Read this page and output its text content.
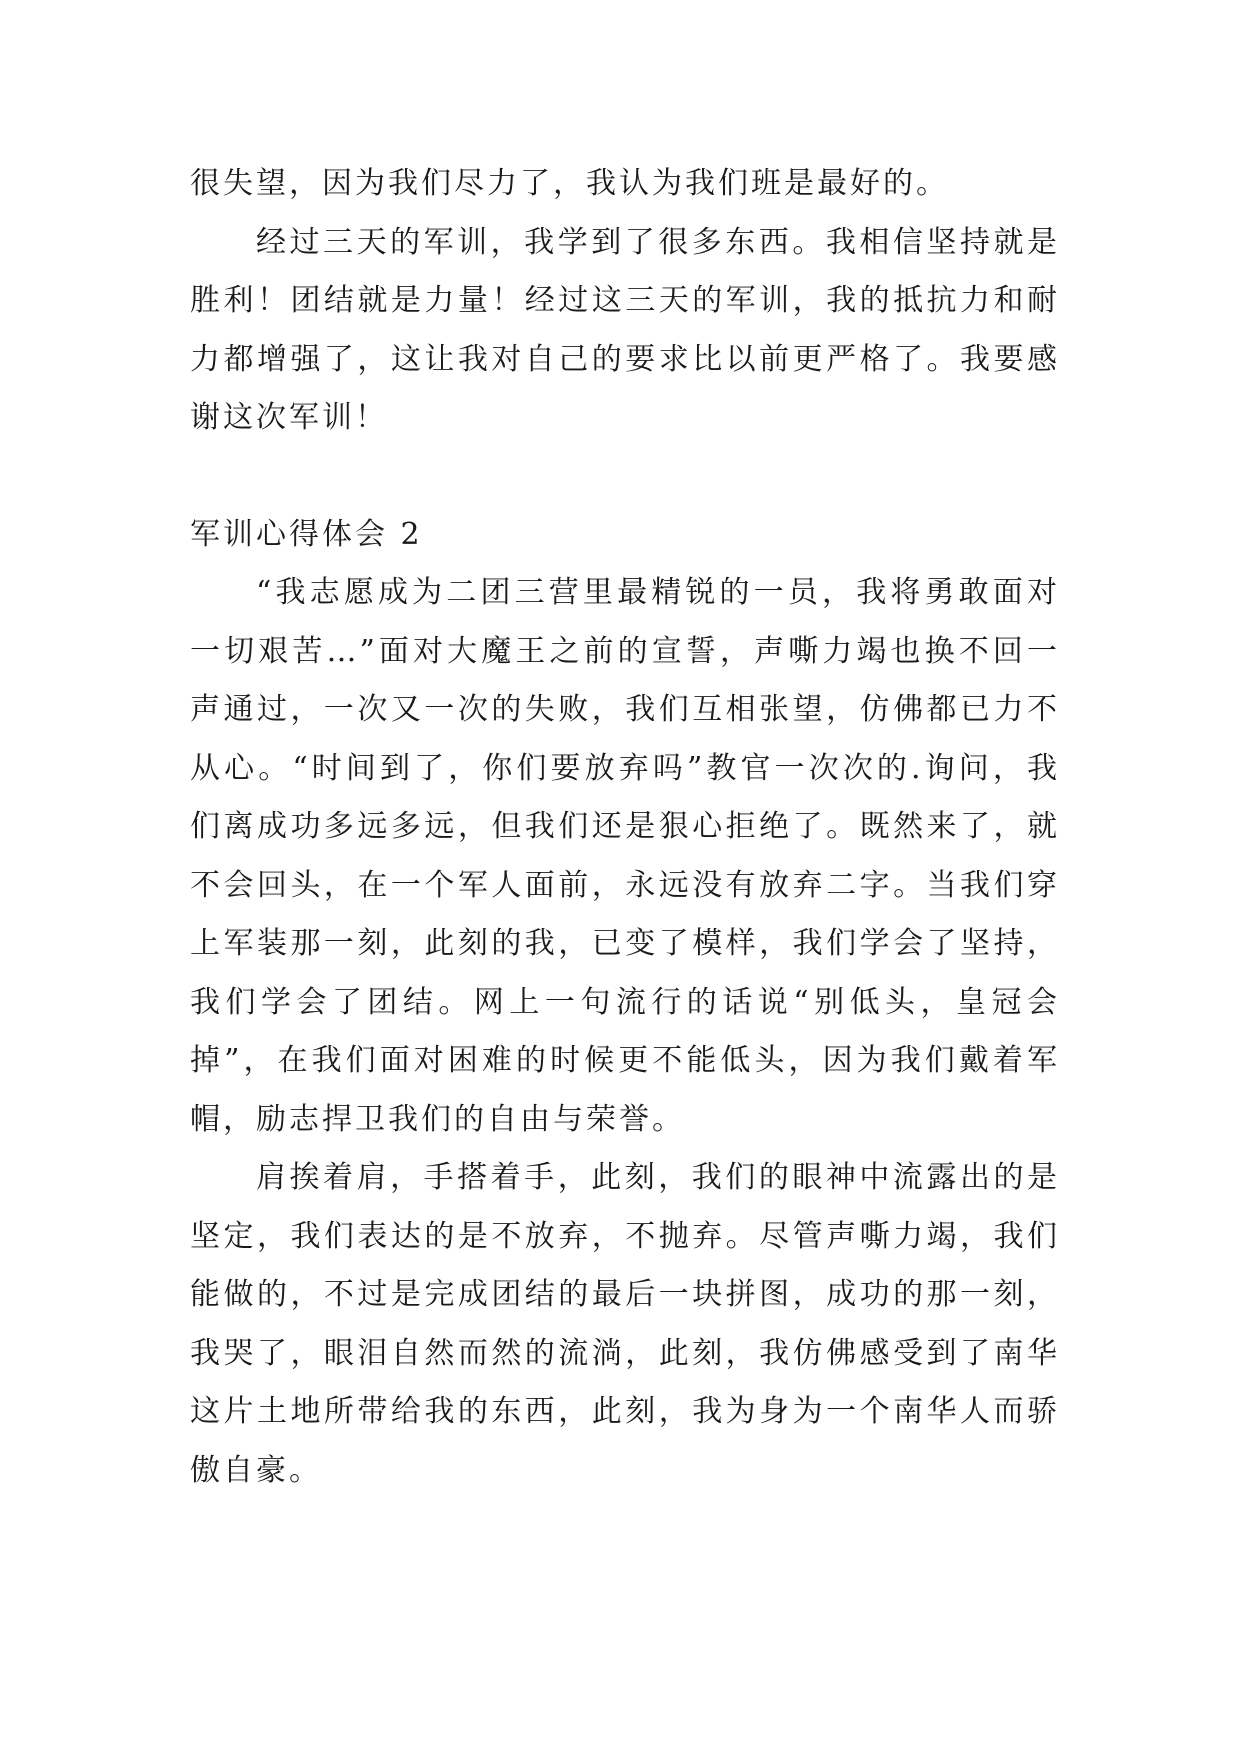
很失望，因为我们尽力了，我认为我们班是最好的。

经过三天的军训，我学到了很多东西。我相信坚持就是胜利！团结就是力量！经过这三天的军训，我的抵抗力和耐力都增强了，这让我对自己的要求比以前更严格了。我要感谢这次军训！

军训心得体会 2

“我志愿成为二团三营里最精锐的一员，我将勇敢面对一切艰苦…”面对大魔王之前的宣誓，声嘶力竭也换不回一声通过，一次又一次的失败，我们互相张望，仿佛都已力不从心。“时间到了，你们要放弃吗”教官一次次的.询问，我们离成功多远多远，但我们还是狠心拒绝了。既然来了，就不会回头，在一个军人面前，永远没有放弃二字。当我们穿上军装那一刻，此刻的我，已变了模样，我们学会了坚持，我们学会了团结。网上一句流行的话说“别低头，皇冠会掉”，在我们面对困难的时候更不能低头，因为我们戴着军帽，励志捍卫我们的自由与荣誉。

肩挨着肩，手搭着手，此刻，我们的眼神中流露出的是坚定，我们表达的是不放弃，不抛弃。尽管声嘶力竭，我们能做的，不过是完成团结的最后一块拼图，成功的那一刻，我哭了，眼泪自然而然的流淌，此刻，我仿佛感受到了南华这片土地所带给我的东西，此刻，我为身为一个南华人而骄傲自豪。
